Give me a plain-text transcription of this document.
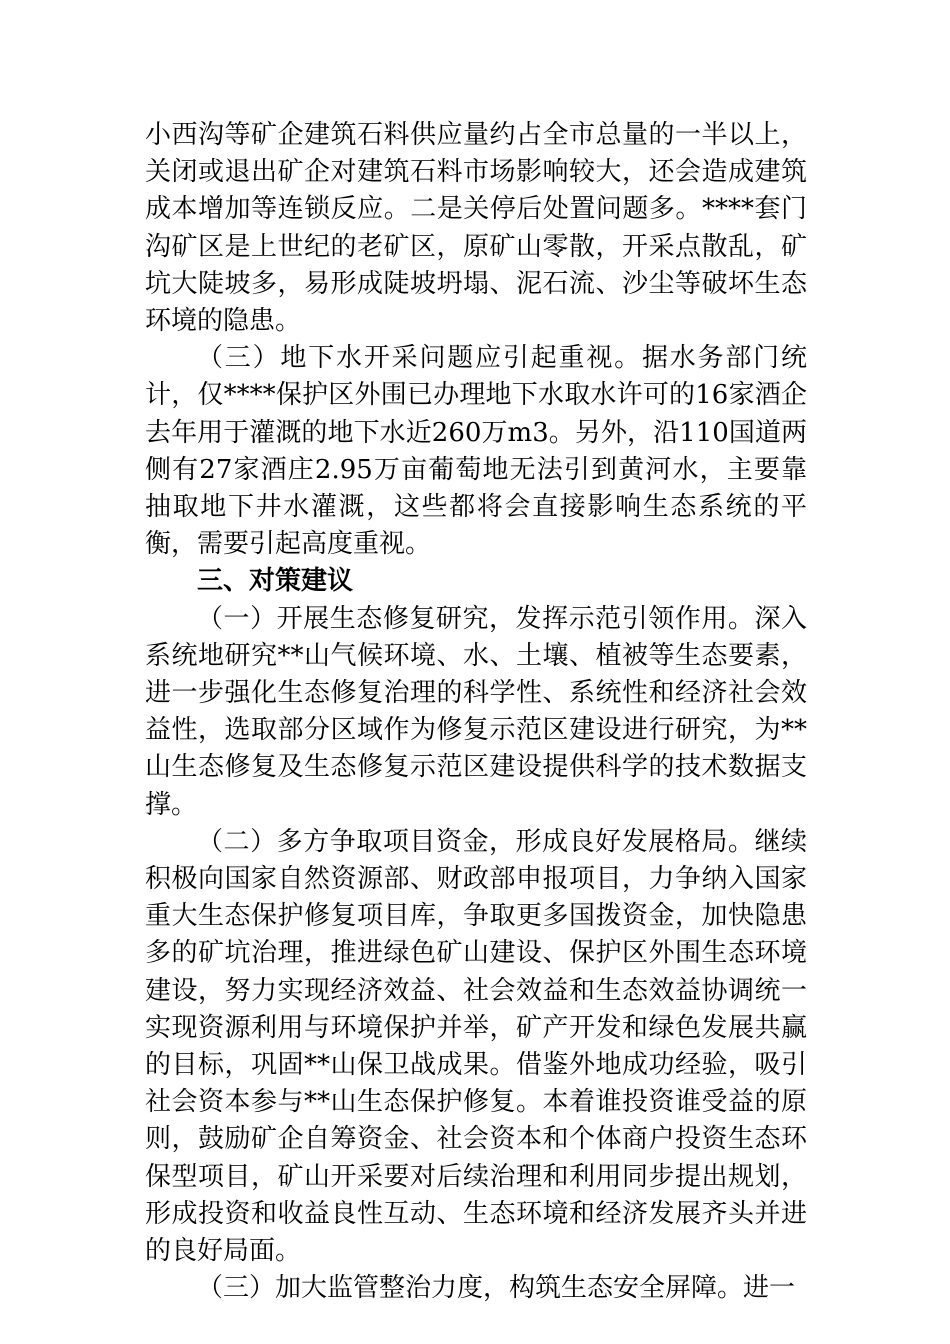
小西沟等矿企建筑石料供应量约占全市总量的一半以上，关闭或退出矿企对建筑石料市场影响较大，还会造成建筑成本增加等连锁反应。二是关停后处置问题多。****套门沟矿区是上世纪的老矿区，原矿山零散，开采点散乱，矿坑大陡坡多，易形成陡坡坍塌、泥石流、沙尘等破坏生态环境的隐患。

（三）地下水开采问题应引起重视。据水务部门统计，仅****保护区外围已办理地下水取水许可的16家酒企去年用于灌溉的地下水近260万m3。另外，沿110国道两侧有27家酒庄2.95万亩葡萄地无法引到黄河水，主要靠抽取地下井水灌溉，这些都将会直接影响生态系统的平衡，需要引起高度重视。

三、对策建议

（一）开展生态修复研究，发挥示范引领作用。深入系统地研究**山气候环境、水、土壤、植被等生态要素，进一步强化生态修复治理的科学性、系统性和经济社会效益性，选取部分区域作为修复示范区建设进行研究，为**山生态修复及生态修复示范区建设提供科学的技术数据支撑。

（二）多方争取项目资金，形成良好发展格局。继续积极向国家自然资源部、财政部申报项目，力争纳入国家重大生态保护修复项目库，争取更多国拨资金，加快隐患多的矿坑治理，推进绿色矿山建设、保护区外围生态环境建设，努力实现经济效益、社会效益和生态效益协调统一实现资源利用与环境保护并举，矿产开发和绿色发展共赢的目标，巩固**山保卫战成果。借鉴外地成功经验，吸引社会资本参与**山生态保护修复。本着谁投资谁受益的原则，鼓励矿企自筹资金、社会资本和个体商户投资生态环保型项目，矿山开采要对后续治理和利用同步提出规划，形成投资和收益良性互动、生态环境和经济发展齐头并进的良好局面。

（三）加大监管整治力度，构筑生态安全屏障。进一
